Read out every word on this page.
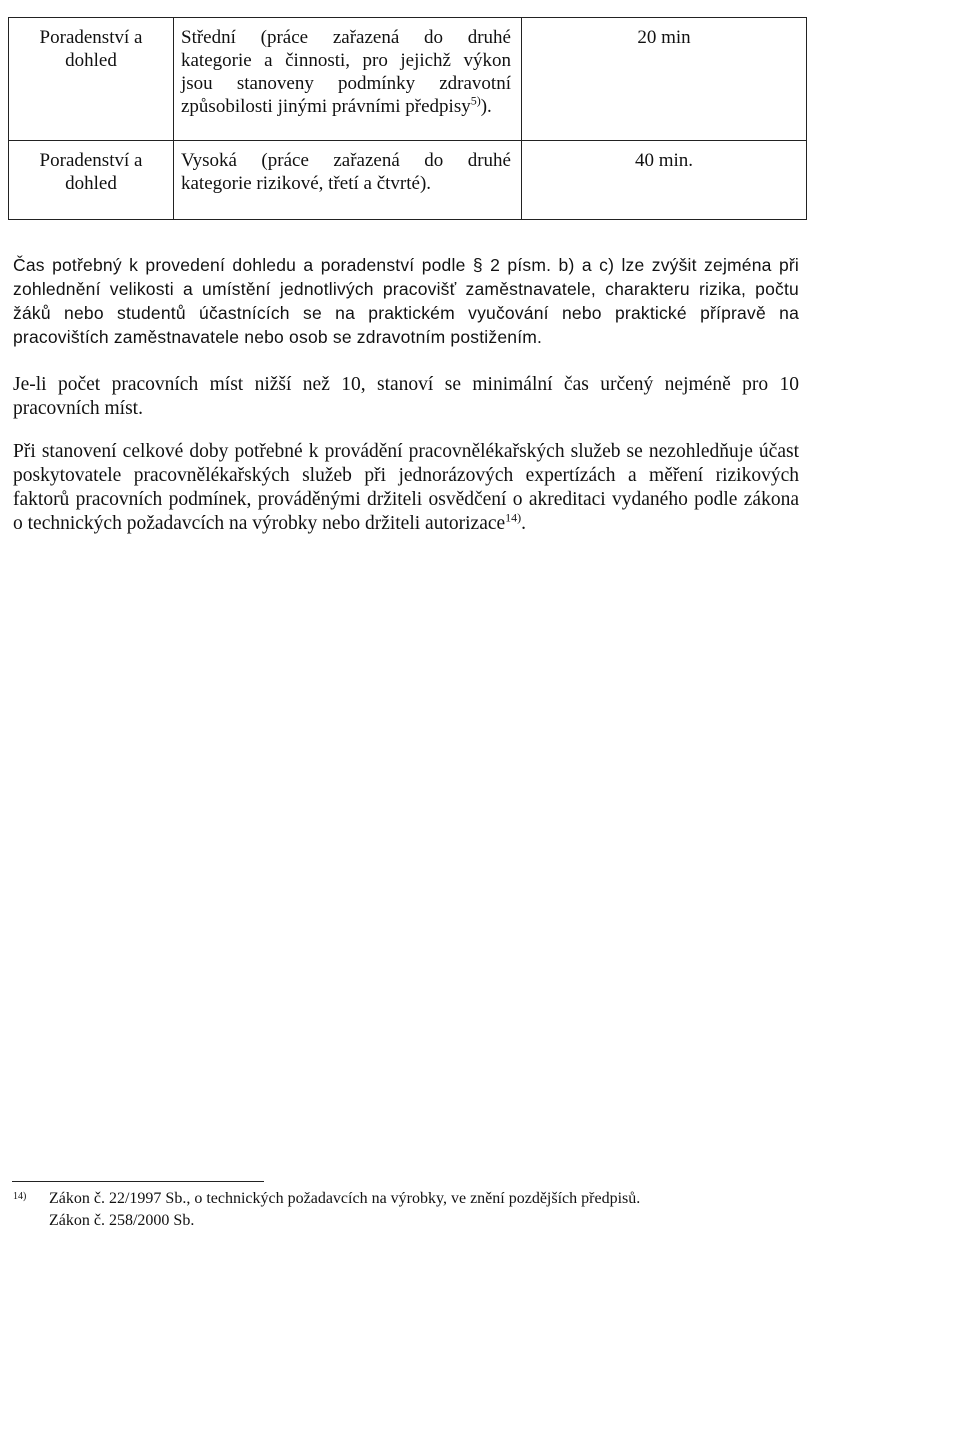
Poradenství a
dohled	Střední (práce zařazená do druhé
kategorie a činnosti, pro jejichž výkon
jsou stanoveny podmínky zdravotní
způsobilosti jinými právními předpisy$^{5)}$).	20 min
Poradenství a
dohled	Vysoká (práce zařazená do druhé
kategorie rizikové, třetí a čtvrté).	40 min.

Čas potřebný k provedení dohledu a poradenství podle § 2 písm. b) a c) lze zvýšit zejména při zohlednění velikosti a umístění jednotlivých pracovišť zaměstnavatele, charakteru rizika, počtu žáků nebo studentů účastnících se na praktickém vyučování nebo praktické přípravě na pracovištích zaměstnavatele nebo osob se zdravotním postižením.

Je-li počet pracovních míst nižší než 10, stanoví se minimální čas určený nejméně pro 10 pracovních míst.

Při stanovení celkové doby potřebné k provádění pracovnělékařských služeb se nezohledňuje účast poskytovatele pracovnělékařských služeb při jednorázových expertízách a měření rizikových faktorů pracovních podmínek, prováděnými držiteli osvědčení o akreditaci vydaného podle zákona o technických požadavcích na výrobky nebo držiteli autorizace$^{14)}$.

14)	Zákon č. 22/1997 Sb., o technických požadavcích na výrobky, ve znění pozdějších předpisů.
Zákon č. 258/2000 Sb.
